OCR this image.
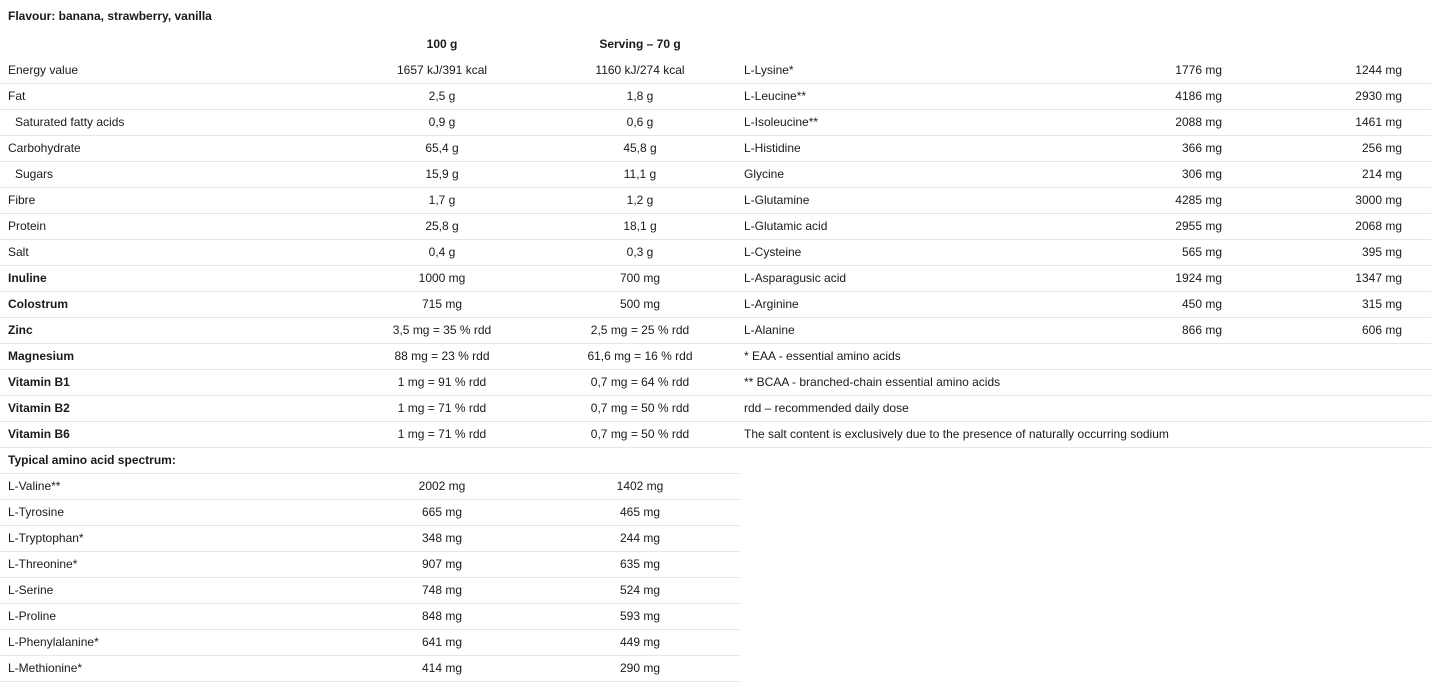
Flavour: banana, strawberry, vanilla
100 g	Serving – 70 g
Energy value	1657 kJ/391 kcal	1160 kJ/274 kcal
Fat	2,5 g	1,8 g
Saturated fatty acids	0,9 g	0,6 g
Carbohydrate	65,4 g	45,8 g
Sugars	15,9 g	11,1 g
Fibre	1,7 g	1,2 g
Protein	25,8 g	18,1 g
Salt	0,4 g	0,3 g
Inuline	1000 mg	700 mg
Colostrum	715 mg	500 mg
Zinc	3,5 mg = 35 % rdd	2,5 mg = 25 % rdd
Magnesium	88 mg = 23 % rdd	61,6 mg = 16 % rdd
Vitamin B1	1 mg = 91 % rdd	0,7 mg = 64 % rdd
Vitamin B2	1 mg = 71 % rdd	0,7 mg = 50 % rdd
Vitamin B6	1 mg = 71 % rdd	0,7 mg = 50 % rdd
Typical amino acid spectrum:
L-Valine**	2002 mg	1402 mg
L-Tyrosine	665 mg	465 mg
L-Tryptophan*	348 mg	244 mg
L-Threonine*	907 mg	635 mg
L-Serine	748 mg	524 mg
L-Proline	848 mg	593 mg
L-Phenylalanine*	641 mg	449 mg
L-Methionine*	414 mg	290 mg
L-Lysine*	1776 mg	1244 mg
L-Leucine**	4186 mg	2930 mg
L-Isoleucine**	2088 mg	1461 mg
L-Histidine	366 mg	256 mg
Glycine	306 mg	214 mg
L-Glutamine	4285 mg	3000 mg
L-Glutamic acid	2955 mg	2068 mg
L-Cysteine	565 mg	395 mg
L-Asparagusic acid	1924 mg	1347 mg
L-Arginine	450 mg	315 mg
L-Alanine	866 mg	606 mg
* EAA - essential amino acids
** BCAA - branched-chain essential amino acids
rdd – recommended daily dose
The salt content is exclusively due to the presence of naturally occurring sodium
